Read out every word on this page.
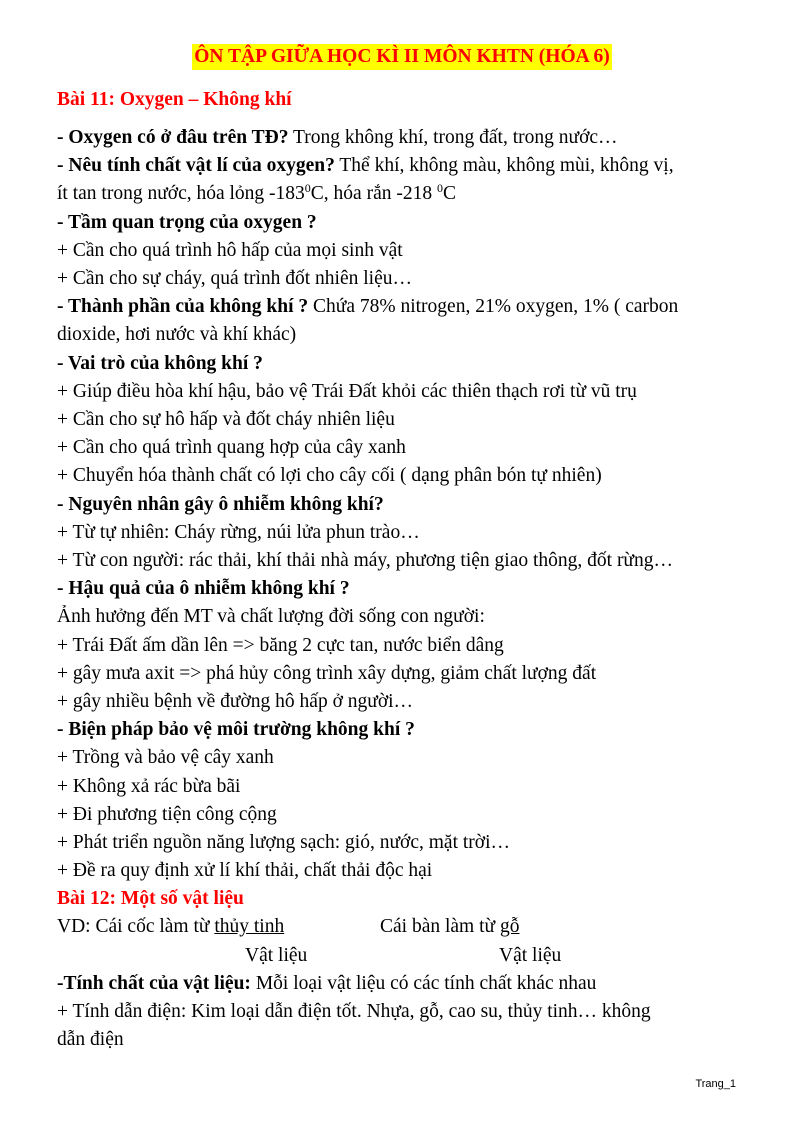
ÔN TẬP GIỮA HỌC KÌ II MÔN KHTN (HÓA 6)
Bài 11: Oxygen – Không khí
- Oxygen có ở đâu trên TĐ? Trong không khí, trong đất, trong nước…
- Nêu tính chất vật lí của oxygen? Thể khí, không màu, không mùi, không vị,
ít tan trong nước, hóa lỏng $-183^0C$, hóa rắn -218 $^0$C
- Tầm quan trọng của oxygen ?
+ Cần cho quá trình hô hấp của mọi sinh vật
+ Cần cho sự cháy, quá trình đốt nhiên liệu…
- Thành phần của không khí ? Chứa 78% nitrogen, 21% oxygen, 1% ( carbon
dioxide, hơi nước và khí khác)
- Vai trò của không khí ?
+ Giúp điều hòa khí hậu, bảo vệ Trái Đất khỏi các thiên thạch rơi từ vũ trụ
+ Cần cho sự hô hấp và đốt cháy nhiên liệu
+ Cần cho quá trình quang hợp của cây xanh
+ Chuyển hóa thành chất có lợi cho cây cối ( dạng phân bón tự nhiên)
- Nguyên nhân gây ô nhiễm không khí?
+ Từ tự nhiên: Cháy rừng, núi lửa phun trào…
+ Từ con người: rác thải, khí thải nhà máy, phương tiện giao thông, đốt rừng…
- Hậu quả của ô nhiễm không khí ?
Ảnh hưởng đến MT và chất lượng đời sống con người:
+ Trái Đất ấm dần lên => băng 2 cực tan, nước biển dâng
+ gây mưa axit => phá hủy công trình xây dựng, giảm chất lượng đất
+ gây nhiều bệnh về đường hô hấp ở người…
- Biện pháp bảo vệ môi trường không khí ?
+ Trồng và bảo vệ cây xanh
+ Không xả rác bừa bãi
+ Đi phương tiện công cộng
+ Phát triển nguồn năng lượng sạch: gió, nước, mặt trời…
+ Đề ra quy định xử lí khí thải, chất thải độc hại
Bài 12: Một số vật liệu
VD: Cái cốc làm từ thủy tinh	Cái bàn làm từ gỗ
Vật liệu	Vật liệu
-Tính chất của vật liệu: Mỗi loại vật liệu có các tính chất khác nhau
+ Tính dẫn điện: Kim loại dẫn điện tốt. Nhựa, gỗ, cao su, thủy tinh… không
dẫn điện
Trang_1
